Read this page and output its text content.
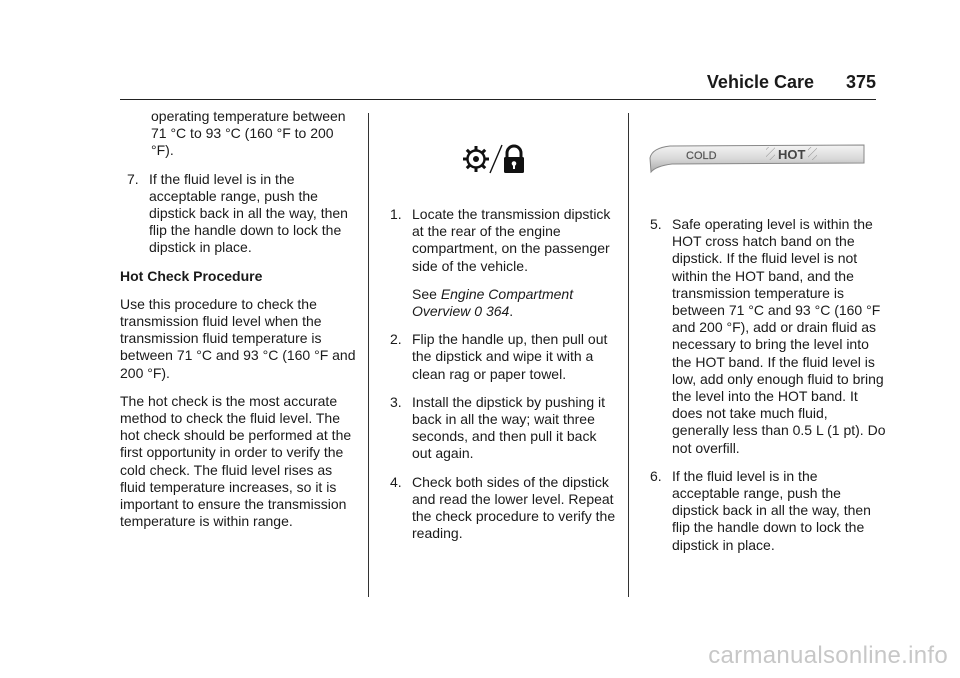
Vehicle Care 375

operating temperature between 71 °C to 93 °C (160 °F to 200 °F).

7. If the fluid level is in the acceptable range, push the dipstick back in all the way, then flip the handle down to lock the dipstick in place.

Hot Check Procedure

Use this procedure to check the transmission fluid level when the transmission fluid temperature is between 71 °C and 93 °C (160 °F and 200 °F).

The hot check is the most accurate method to check the fluid level. The hot check should be performed at the first opportunity in order to verify the cold check. The fluid level rises as fluid temperature increases, so it is important to ensure the transmission temperature is within range.

1. Locate the transmission dipstick at the rear of the engine compartment, on the passenger side of the vehicle.

See Engine Compartment Overview 0 364.

2. Flip the handle up, then pull out the dipstick and wipe it with a clean rag or paper towel.
3. Install the dipstick by pushing it back in all the way; wait three seconds, and then pull it back out again.
4. Check both sides of the dipstick and read the lower level. Repeat the check procedure to verify the reading.
COLD	HOT
5. Safe operating level is within the HOT cross hatch band on the dipstick. If the fluid level is not within the HOT band, and the transmission temperature is between 71 °C and 93 °C (160 °F and 200 °F), add or drain fluid as necessary to bring the level into the HOT band. If the fluid level is low, add only enough fluid to bring the level into the HOT band. It does not take much fluid, generally less than 0.5 L (1 pt). Do not overfill.
6. If the fluid level is in the acceptable range, push the dipstick back in all the way, then flip the handle down to lock the dipstick in place.
carmanualsonline.info
